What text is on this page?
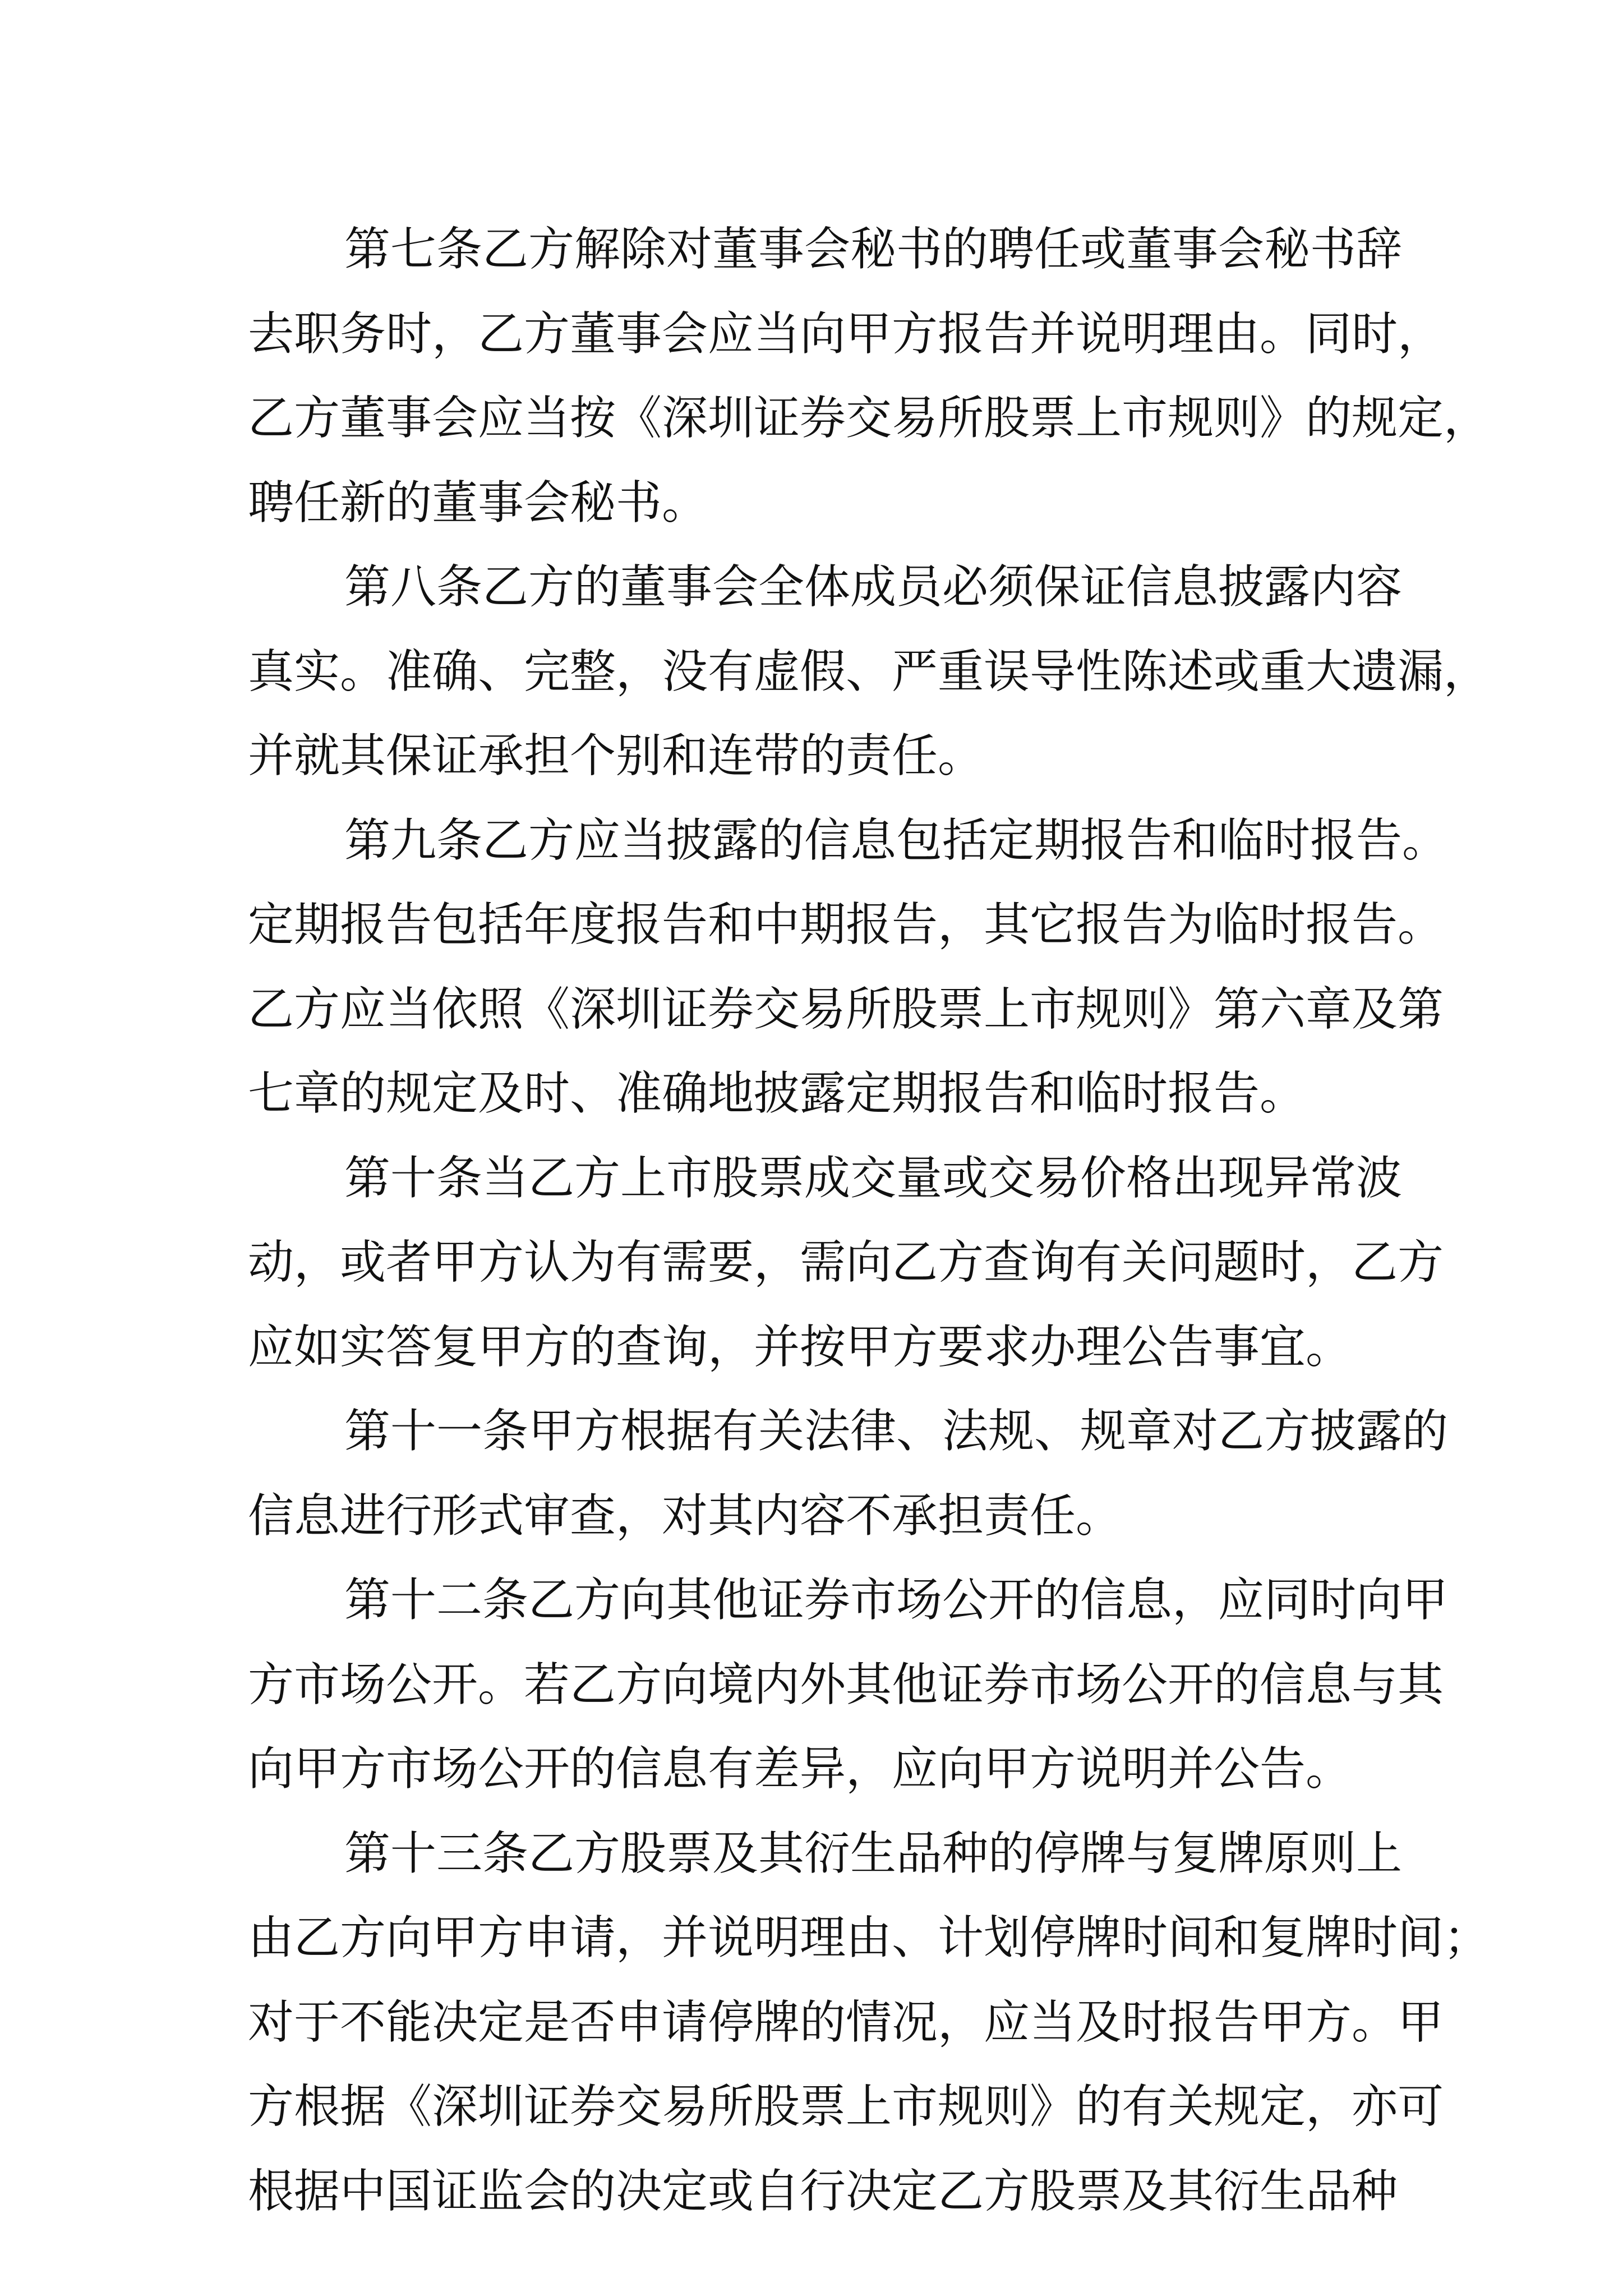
第七条乙方解除对董事会秘书的聘任或董事会秘书辞
去职务时，乙方董事会应当向甲方报告并说明理由。同时，
乙方董事会应当按《深圳证券交易所股票上市规则》的规定，
聘任新的董事会秘书。
第八条乙方的董事会全体成员必须保证信息披露内容
真实。准确、完整，没有虚假、严重误导性陈述或重大遗漏，
并就其保证承担个别和连带的责任。
第九条乙方应当披露的信息包括定期报告和临时报告。
定期报告包括年度报告和中期报告，其它报告为临时报告。
乙方应当依照《深圳证券交易所股票上市规则》第六章及第
七章的规定及时、准确地披露定期报告和临时报告。
第十条当乙方上市股票成交量或交易价格出现异常波
动，或者甲方认为有需要，需向乙方查询有关问题时，乙方
应如实答复甲方的查询，并按甲方要求办理公告事宜。
第十一条甲方根据有关法律、法规、规章对乙方披露的
信息进行形式审查，对其内容不承担责任。
第十二条乙方向其他证券市场公开的信息，应同时向甲
方市场公开。若乙方向境内外其他证券市场公开的信息与其
向甲方市场公开的信息有差异，应向甲方说明并公告。
第十三条乙方股票及其衍生品种的停牌与复牌原则上
由乙方向甲方申请，并说明理由、计划停牌时间和复牌时间；
对于不能决定是否申请停牌的情况，应当及时报告甲方。甲
方根据《深圳证券交易所股票上市规则》的有关规定，亦可
根据中国证监会的决定或自行决定乙方股票及其衍生品种
